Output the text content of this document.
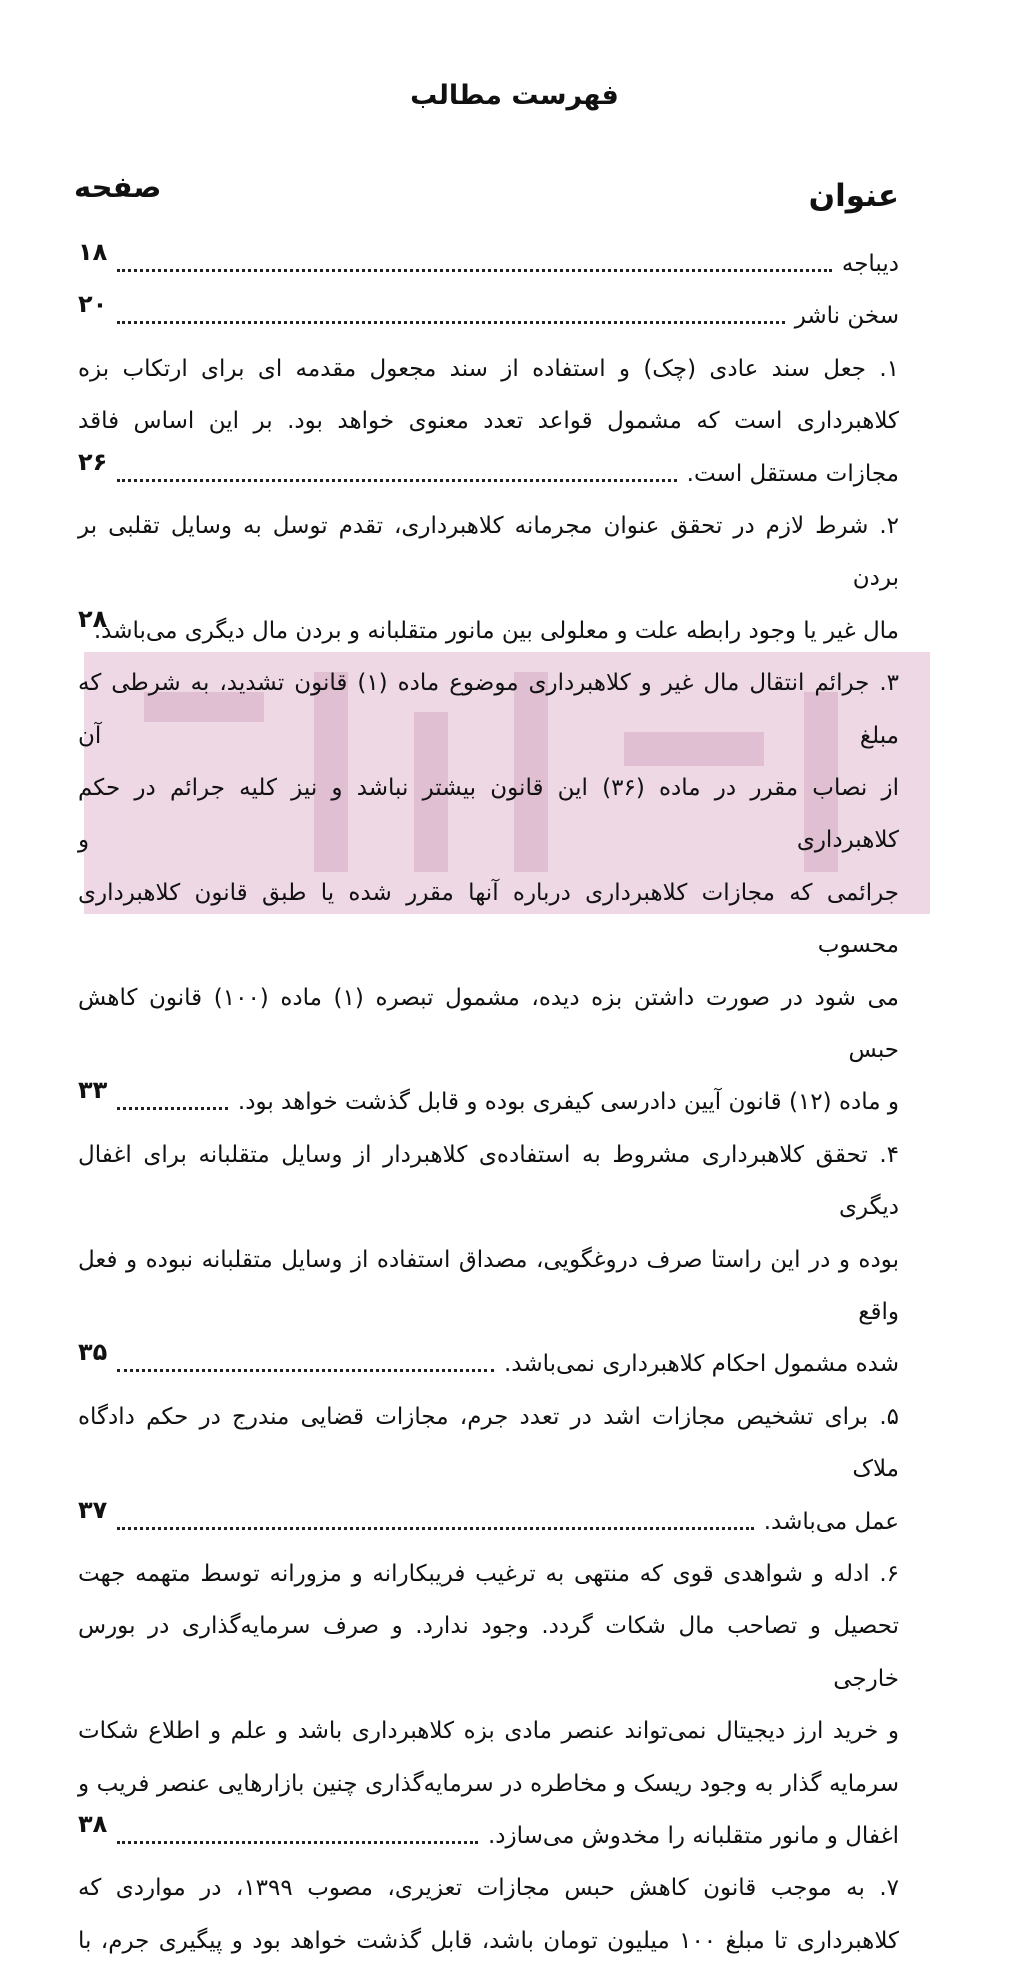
فهرست مطالب
عنوان
صفحه
دیباجه
۱۸
سخن ناشر
۲۰
۱. جعل سند عادی (چک) و استفاده از سند مجعول مقدمه ای برای ارتکاب بزه
کلاهبرداری است که مشمول قواعد تعدد معنوی خواهد بود. بر این اساس فاقد
مجازات مستقل است.
۲۶
۲. شرط لازم در تحقق عنوان مجرمانه کلاهبرداری، تقدم توسل به وسایل تقلبی بر بردن
مال غیر یا وجود رابطه علت و معلولی بین مانور متقلبانه و بردن مال دیگری می‌باشد.
۲۸
۳. جرائم انتقال مال غیر و کلاهبرداری موضوع ماده (۱) قانون تشدید، به شرطی که مبلغ آن
از نصاب مقرر در ماده (۳۶) این قانون بیشتر نباشد و نیز کلیه جرائم در حکم کلاهبرداری و
جرائمی که مجازات کلاهبرداری درباره آنها مقرر شده یا طبق قانون کلاهبرداری محسوب
می شود در صورت داشتن بزه دیده، مشمول تبصره (۱) ماده (۱۰۰) قانون کاهش حبس
و ماده (۱۲) قانون آیین دادرسی کیفری بوده و قابل گذشت خواهد بود.
۳۳
۴. تحقق کلاهبرداری مشروط به استفاده‌ی کلاهبردار از وسایل متقلبانه برای اغفال دیگری
بوده و در این راستا صرف دروغگویی، مصداق استفاده از وسایل متقلبانه نبوده و فعل واقع
شده مشمول احکام کلاهبرداری نمی‌باشد.
۳۵
۵. برای تشخیص مجازات اشد در تعدد جرم، مجازات قضایی مندرج در حکم دادگاه ملاک
عمل می‌باشد.
۳۷
۶. ادله و شواهدی قوی که منتهی به ترغیب فریبکارانه و مزورانه توسط متهمه جهت
تحصیل و تصاحب مال شکات گردد. وجود ندارد. و صرف سرمایه‌گذاری در بورس خارجی
و خرید ارز دیجیتال نمی‌تواند عنصر مادی بزه کلاهبرداری باشد و علم و اطلاع شکات
سرمایه گذار به وجود ریسک و مخاطره در سرمایه‌گذاری چنین بازارهایی عنصر فریب و
اغفال و مانور متقلبانه را مخدوش می‌سازد.
۳۸
۷. به موجب قانون کاهش حبس مجازات تعزیری، مصوب ۱۳۹۹، در مواردی که
کلاهبرداری تا مبلغ ۱۰۰ میلیون تومان باشد، قابل گذشت خواهد بود و پیگیری جرم، با
